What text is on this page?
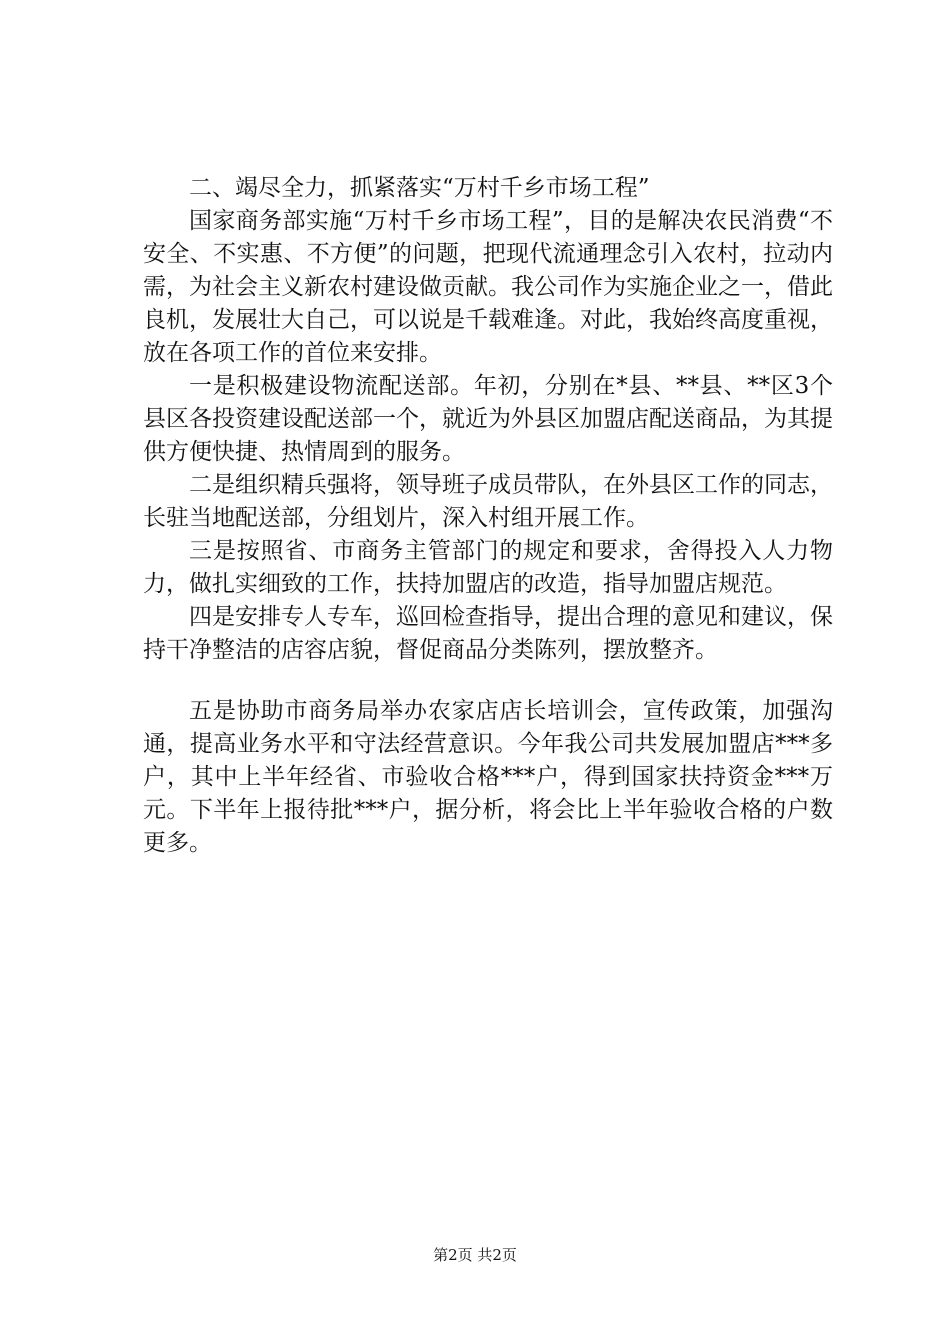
二、竭尽全力，抓紧落实“万村千乡市场工程”

国家商务部实施“万村千乡市场工程”，目的是解决农民消费“不安全、不实惠、不方便”的问题，把现代流通理念引入农村，拉动内需，为社会主义新农村建设做贡献。我公司作为实施企业之一，借此良机，发展壮大自己，可以说是千载难逢。对此，我始终高度重视，放在各项工作的首位来安排。

一是积极建设物流配送部。年初，分别在*县、**县、**区3个县区各投资建设配送部一个，就近为外县区加盟店配送商品，为其提供方便快捷、热情周到的服务。

二是组织精兵强将，领导班子成员带队，在外县区工作的同志，长驻当地配送部，分组划片，深入村组开展工作。

三是按照省、市商务主管部门的规定和要求，舍得投入人力物力，做扎实细致的工作，扶持加盟店的改造，指导加盟店规范。

四是安排专人专车，巡回检查指导，提出合理的意见和建议，保持干净整洁的店容店貌，督促商品分类陈列，摆放整齐。

五是协助市商务局举办农家店店长培训会，宣传政策，加强沟通，提高业务水平和守法经营意识。今年我公司共发展加盟店***多户，其中上半年经省、市验收合格***户，得到国家扶持资金***万元。下半年上报待批***户，据分析，将会比上半年验收合格的户数更多。

第2页 共2页
